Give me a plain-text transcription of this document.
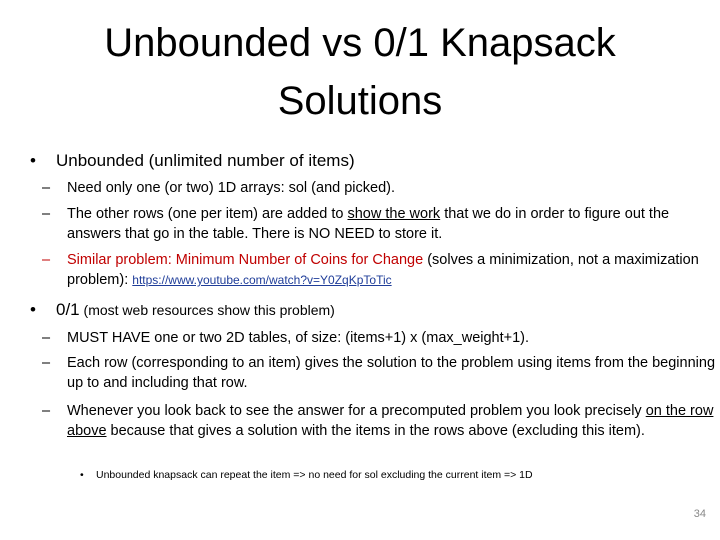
Unbounded vs 0/1 Knapsack
Solutions
• Unbounded (unlimited number of items)
– Need only one (or two) 1D arrays: sol (and picked).
– The other rows (one per item) are added to show the work that we do in order to figure out the answers that go in the table. There is NO NEED to store it.
– Similar problem: Minimum Number of Coins for Change (solves a minimization, not a maximization problem): https://www.youtube.com/watch?v=Y0ZqKpToTic
• 0/1 (most web resources show this problem)
– MUST HAVE one or two 2D tables, of size: (items+1) x (max_weight+1).
– Each row (corresponding to an item) gives the solution to the problem using items from the beginning up to and including that row.
– Whenever you look back to see the answer for a precomputed problem you look precisely on the row above because that gives a solution with the items in the rows above (excluding this item).
• Unbounded knapsack can repeat the item => no need for sol excluding the current item => 1D
34
